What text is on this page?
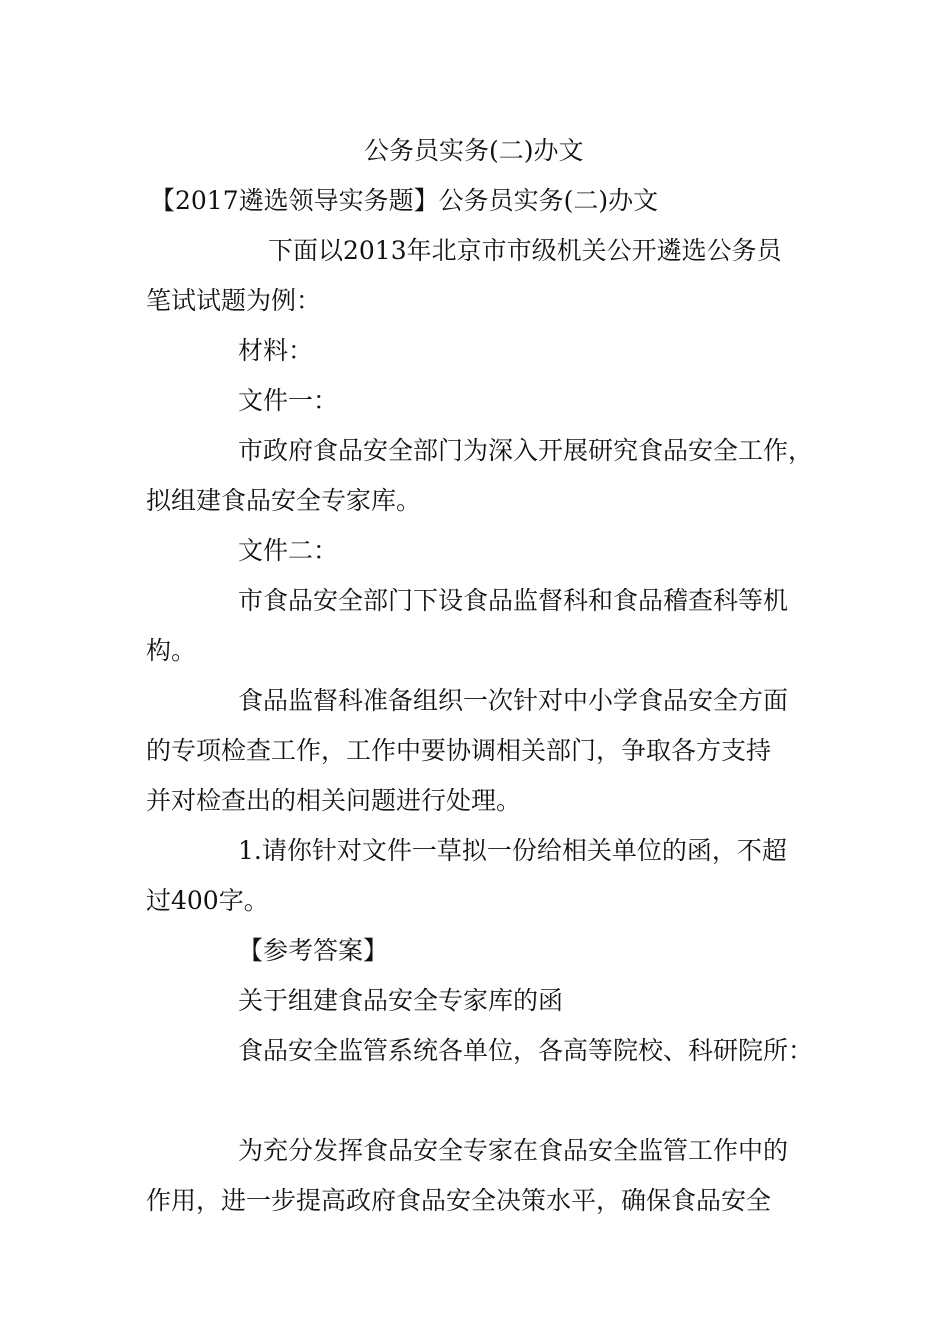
公务员实务(二)办文
【2017遴选领导实务题】公务员实务(二)办文
下面以2013年北京市市级机关公开遴选公务员
笔试试题为例：
材料：
文件一：
市政府食品安全部门为深入开展研究食品安全工作，
拟组建食品安全专家库。
文件二：
市食品安全部门下设食品监督科和食品稽查科等机
构。
食品监督科准备组织一次针对中小学食品安全方面
的专项检查工作，工作中要协调相关部门，争取各方支持
并对检查出的相关问题进行处理。
1.请你针对文件一草拟一份给相关单位的函，不超
过400字。
【参考答案】
关于组建食品安全专家库的函
食品安全监管系统各单位，各高等院校、科研院所：
为充分发挥食品安全专家在食品安全监管工作中的
作用，进一步提高政府食品安全决策水平，确保食品安全
